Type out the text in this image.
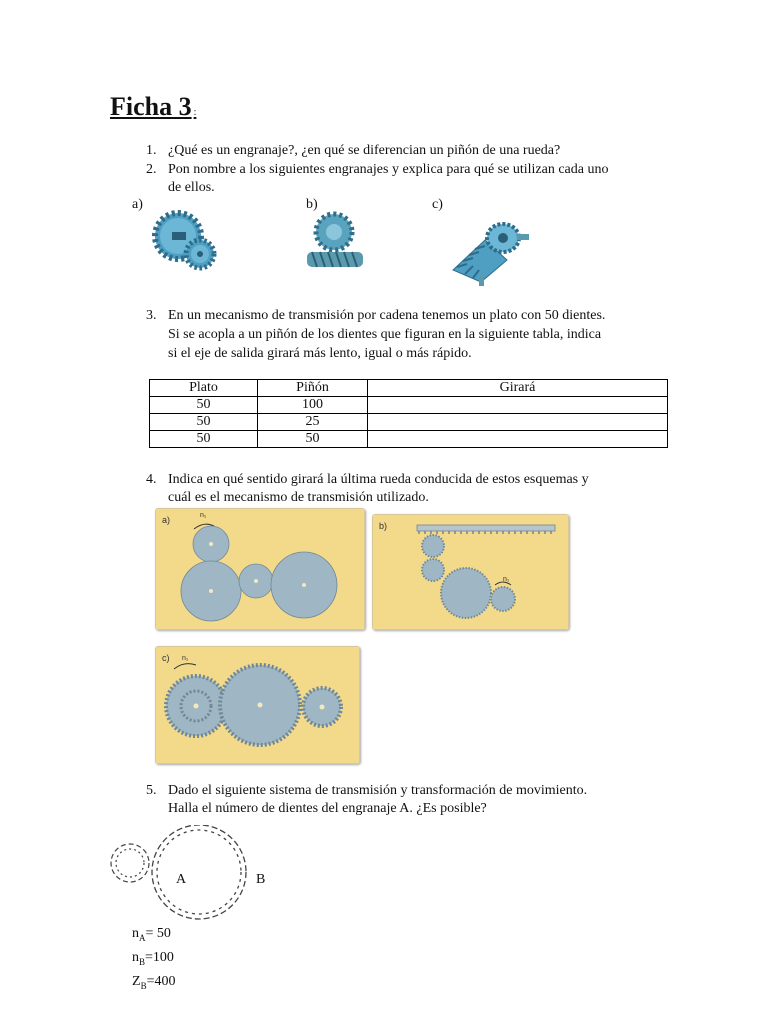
Ficha 3 :
1. ¿Qué es un engranaje?, ¿en qué se diferencian un piñón de una rueda?
2. Pon nombre a los siguientes engranajes y explica para qué se utilizan cada uno
de ellos.
a)	b)	c)
3. En un mecanismo de transmisión por cadena tenemos un plato con 50 dientes.
Si se acopla a un piñón de los dientes que figuran en la siguiente tabla, indica
si el eje de salida girará más lento, igual o más rápido.
Plato	Piñón	Girará
50	100	
50	25	
50	50	
4. Indica en qué sentido girará la última rueda conducida de estos esquemas y
cuál es el mecanismo de transmisión utilizado.
a)	n₁
b)
n₁
c) n₁
5. Dado el siguiente sistema de transmisión y transformación de movimiento.
Halla el número de dientes del engranaje A. ¿Es posible?
A	B
$n_A= 50$
$n_B=100$
$Z_B=400$
